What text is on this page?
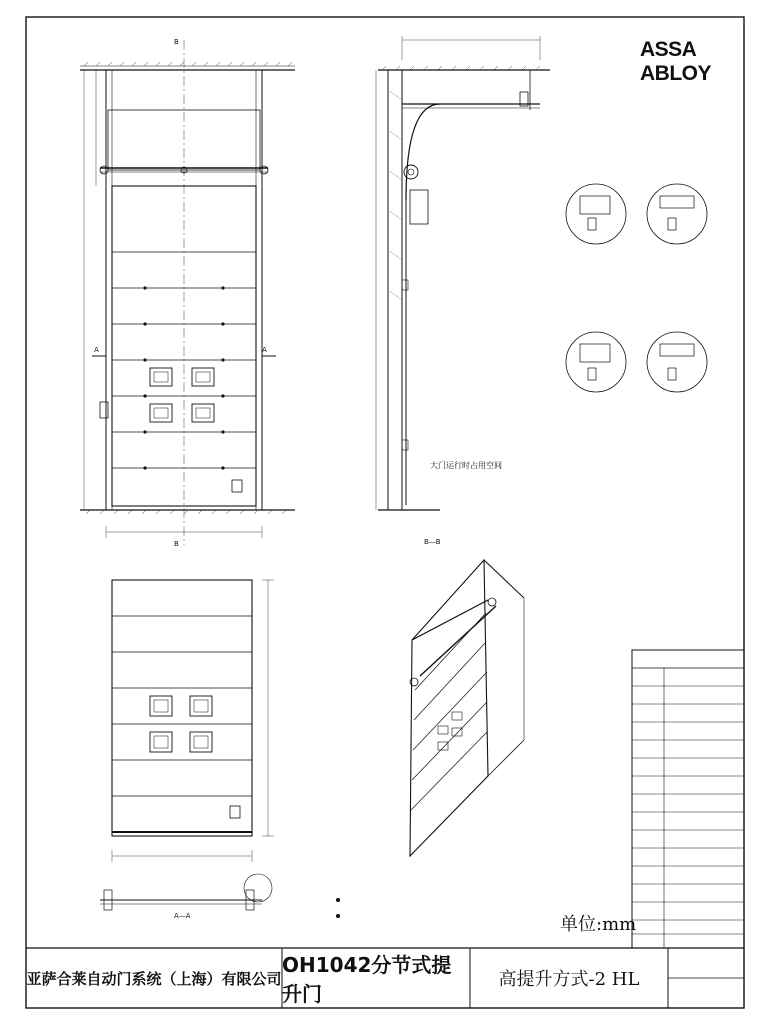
ASSA ABLOY
B
B
A	A
B—B
A—A
大门运行时占用空间
单位:mm
亚萨合莱自动门系统（上海）有限公司
OH1042分节式提升门
高提升方式-2 HL
